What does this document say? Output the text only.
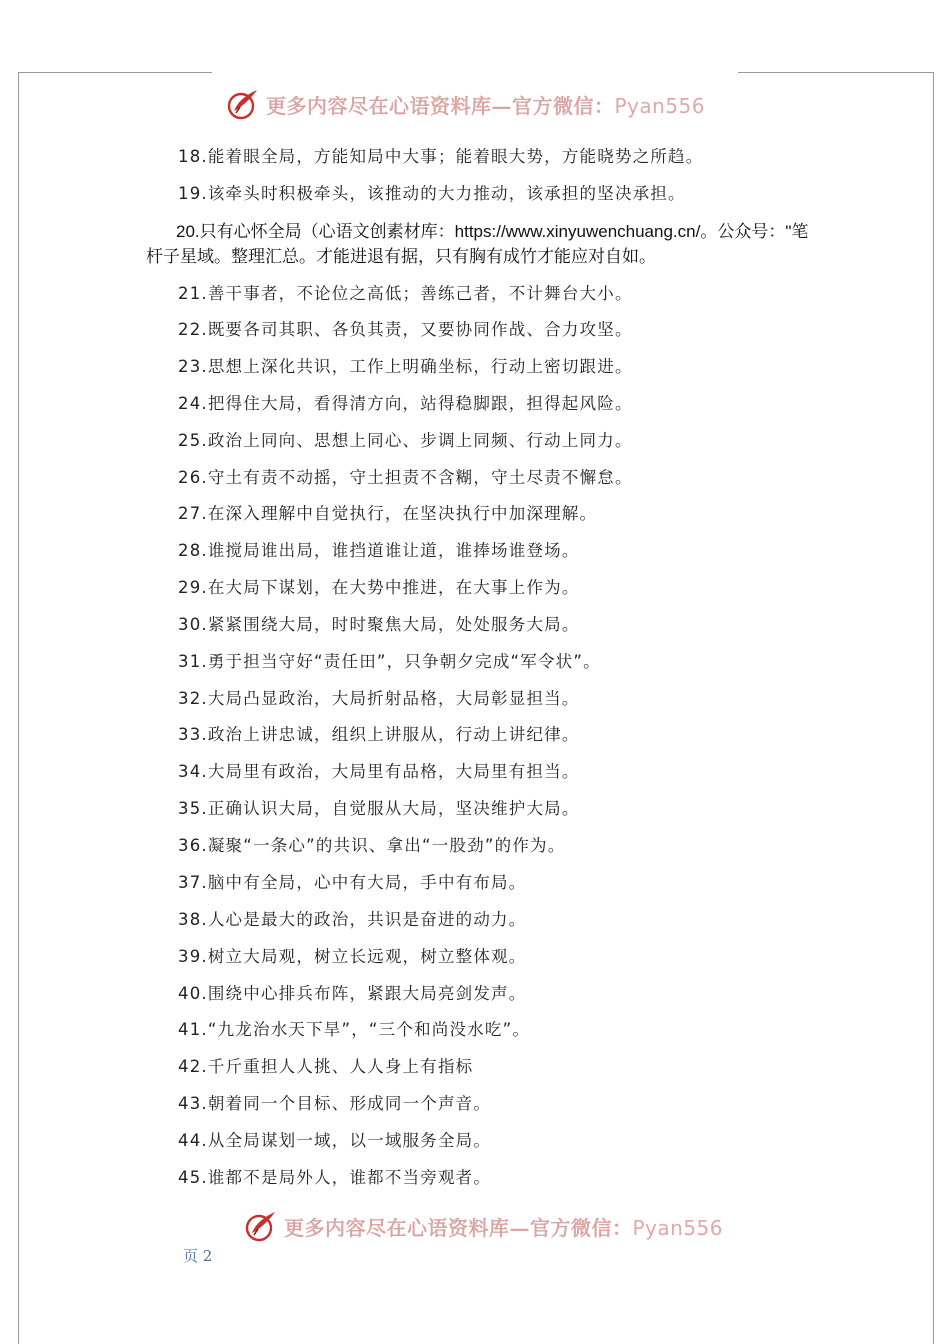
更多内容尽在心语资料库—官方微信：Pyan556
18.能着眼全局，方能知局中大事；能着眼大势，方能晓势之所趋。
19.该牵头时积极牵头，该推动的大力推动，该承担的坚决承担。
20.只有心怀全局（心语文创素材库：https://www.xinyuwenchuang.cn/。公众号："笔杆子星域。整理汇总。才能进退有据，只有胸有成竹才能应对自如。
21.善干事者，不论位之高低；善练己者，不计舞台大小。
22.既要各司其职、各负其责，又要协同作战、合力攻坚。
23.思想上深化共识，工作上明确坐标，行动上密切跟进。
24.把得住大局，看得清方向，站得稳脚跟，担得起风险。
25.政治上同向、思想上同心、步调上同频、行动上同力。
26.守土有责不动摇，守土担责不含糊，守土尽责不懈怠。
27.在深入理解中自觉执行，在坚决执行中加深理解。
28.谁搅局谁出局，谁挡道谁让道，谁捧场谁登场。
29.在大局下谋划，在大势中推进，在大事上作为。
30.紧紧围绕大局，时时聚焦大局，处处服务大局。
31.勇于担当守好“责任田”，只争朝夕完成“军令状”。
32.大局凸显政治，大局折射品格，大局彰显担当。
33.政治上讲忠诚，组织上讲服从，行动上讲纪律。
34.大局里有政治，大局里有品格，大局里有担当。
35.正确认识大局，自觉服从大局，坚决维护大局。
36.凝聚“一条心”的共识、拿出“一股劲”的作为。
37.脑中有全局，心中有大局，手中有布局。
38.人心是最大的政治，共识是奋进的动力。
39.树立大局观，树立长远观，树立整体观。
40.围绕中心排兵布阵，紧跟大局亮剑发声。
41.“九龙治水天下旱”，“三个和尚没水吃”。
42.千斤重担人人挑、人人身上有指标
43.朝着同一个目标、形成同一个声音。
44.从全局谋划一域，以一域服务全局。
45.谁都不是局外人，谁都不当旁观者。
更多内容尽在心语资料库—官方微信：Pyan556
页 2
